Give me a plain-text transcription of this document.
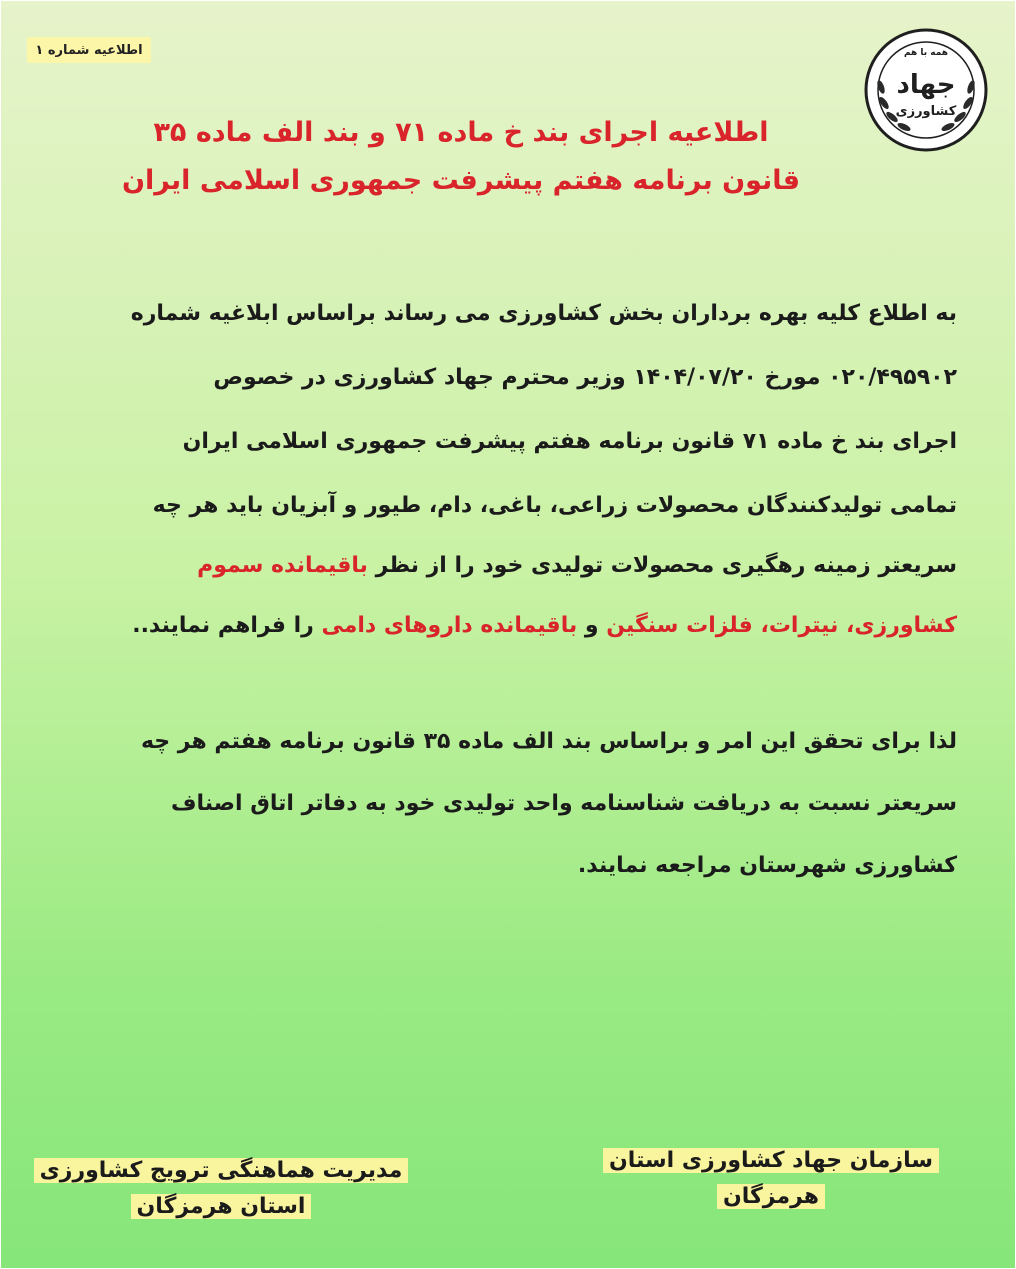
اطلاعیه شماره ۱	همه با هم
جهاد
کشاورزی
اطلاعیه اجرای بند خ ماده ۷۱ و بند الف ماده ۳۵
قانون برنامه هفتم پیشرفت جمهوری اسلامی ایران
به اطلاع کلیه بهره برداران بخش کشاورزی می رساند براساس ابلاغیه شماره
۰۲۰/۴۹۵۹۰۲ مورخ ۱۴۰۴/۰۷/۲۰ وزیر محترم جهاد کشاورزی در خصوص
اجرای بند خ ماده ۷۱ قانون برنامه هفتم پیشرفت جمهوری اسلامی ایران
تمامی تولیدکنندگان محصولات زراعی، باغی، دام، طیور و آبزیان باید هر چه
سریعتر زمینه رهگیری محصولات تولیدی خود را از نظر باقیمانده سموم
کشاورزی، نیترات، فلزات سنگین و باقیمانده داروهای دامی را فراهم نمایند..
لذا برای تحقق این امر و براساس بند الف ماده ۳۵ قانون برنامه هفتم هر چه
سریعتر نسبت به دریافت شناسنامه واحد تولیدی خود به دفاتر اتاق اصناف
کشاورزی شهرستان مراجعه نمایند.
سازمان جهاد کشاورزی استان
هرمزگان
مدیریت هماهنگی ترویج کشاورزی
استان هرمزگان
